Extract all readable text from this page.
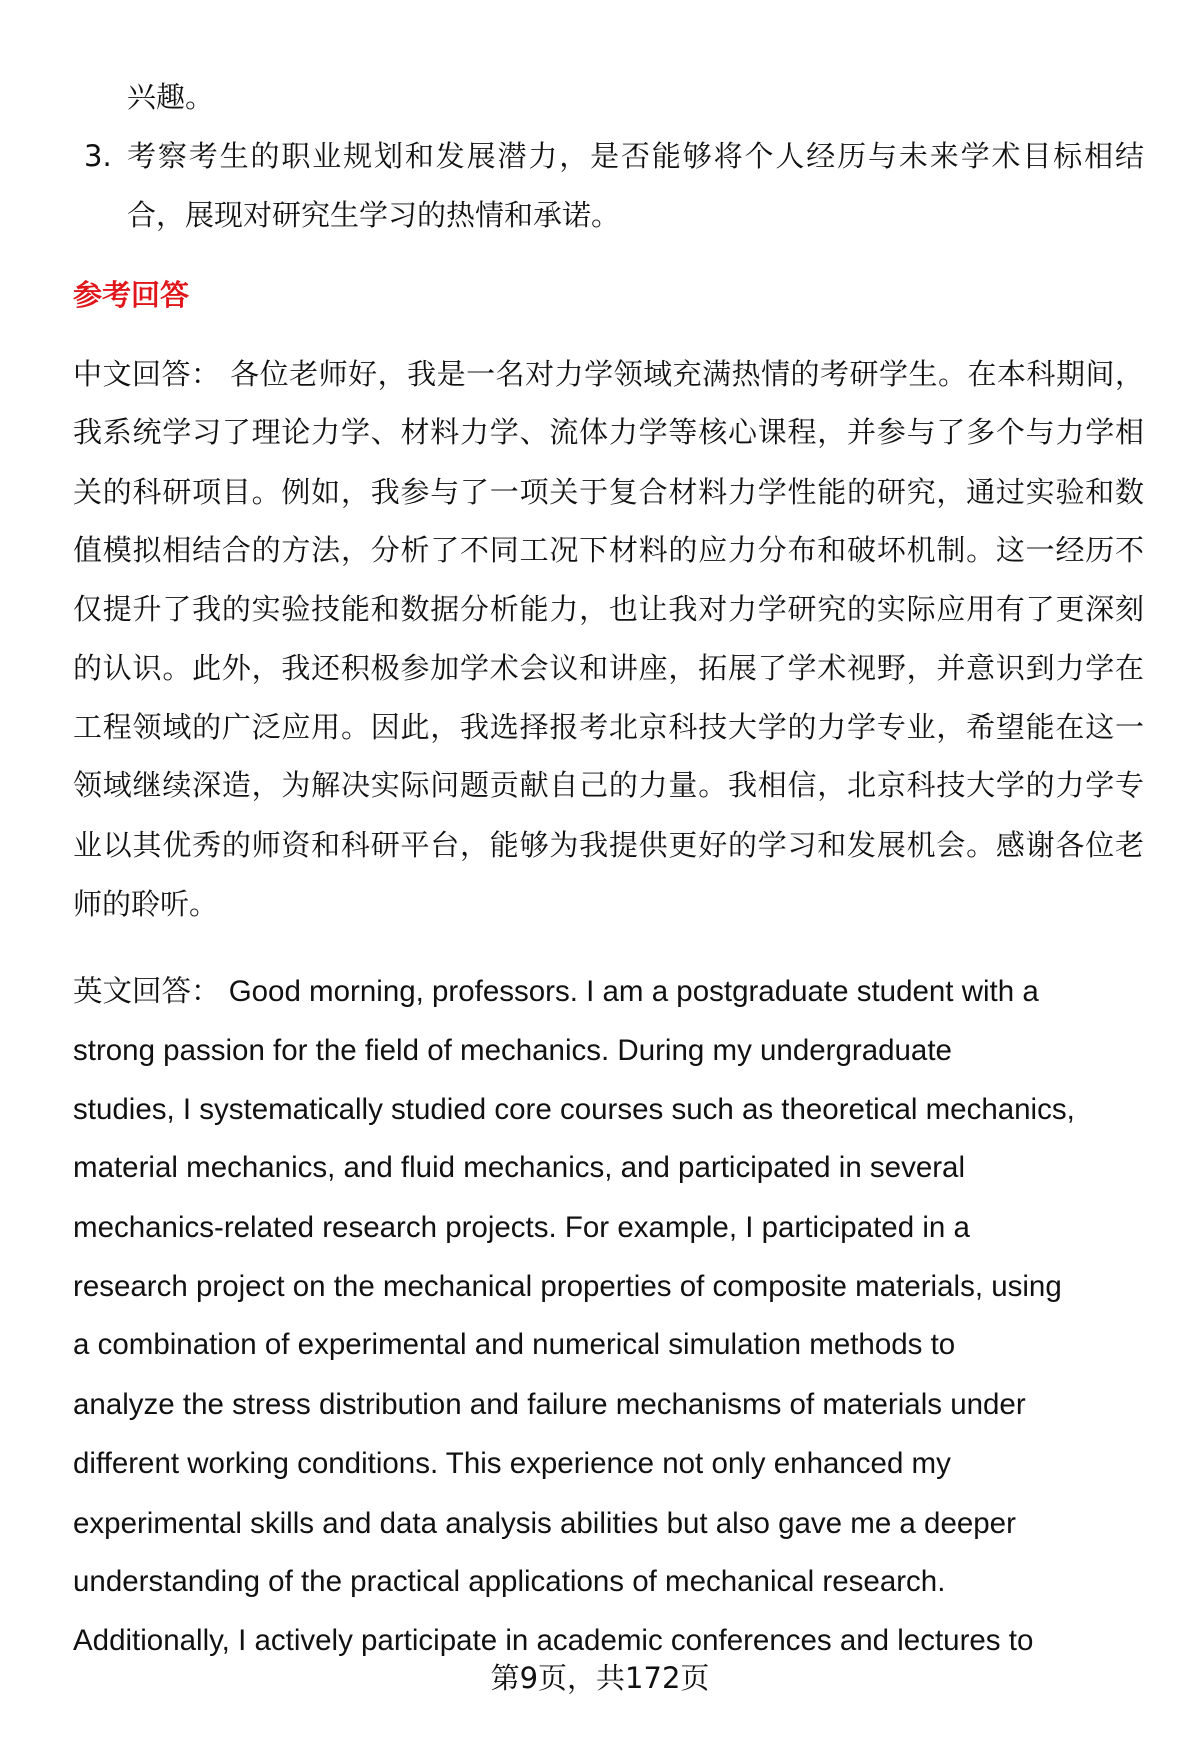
兴趣。
3. 考察考生的职业规划和发展潜力，是否能够将个人经历与未来学术目标相结
合，展现对研究生学习的热情和承诺。
参考回答
中文回答： 各位老师好，我是一名对力学领域充满热情的考研学生。在本科期间，
我系统学习了理论力学、材料力学、流体力学等核心课程，并参与了多个与力学相
关的科研项目。例如，我参与了一项关于复合材料力学性能的研究，通过实验和数
值模拟相结合的方法，分析了不同工况下材料的应力分布和破坏机制。这一经历不
仅提升了我的实验技能和数据分析能力，也让我对力学研究的实际应用有了更深刻
的认识。此外，我还积极参加学术会议和讲座，拓展了学术视野，并意识到力学在
工程领域的广泛应用。因此，我选择报考北京科技大学的力学专业，希望能在这一
领域继续深造，为解决实际问题贡献自己的力量。我相信，北京科技大学的力学专
业以其优秀的师资和科研平台，能够为我提供更好的学习和发展机会。感谢各位老
师的聆听。
英文回答： Good morning, professors. I am a postgraduate student with a
strong passion for the field of mechanics. During my undergraduate
studies, I systematically studied core courses such as theoretical mechanics,
material mechanics, and fluid mechanics, and participated in several
mechanics-related research projects. For example, I participated in a
research project on the mechanical properties of composite materials, using
a combination of experimental and numerical simulation methods to
analyze the stress distribution and failure mechanisms of materials under
different working conditions. This experience not only enhanced my
experimental skills and data analysis abilities but also gave me a deeper
understanding of the practical applications of mechanical research.
Additionally, I actively participate in academic conferences and lectures to
第9页，共172页
